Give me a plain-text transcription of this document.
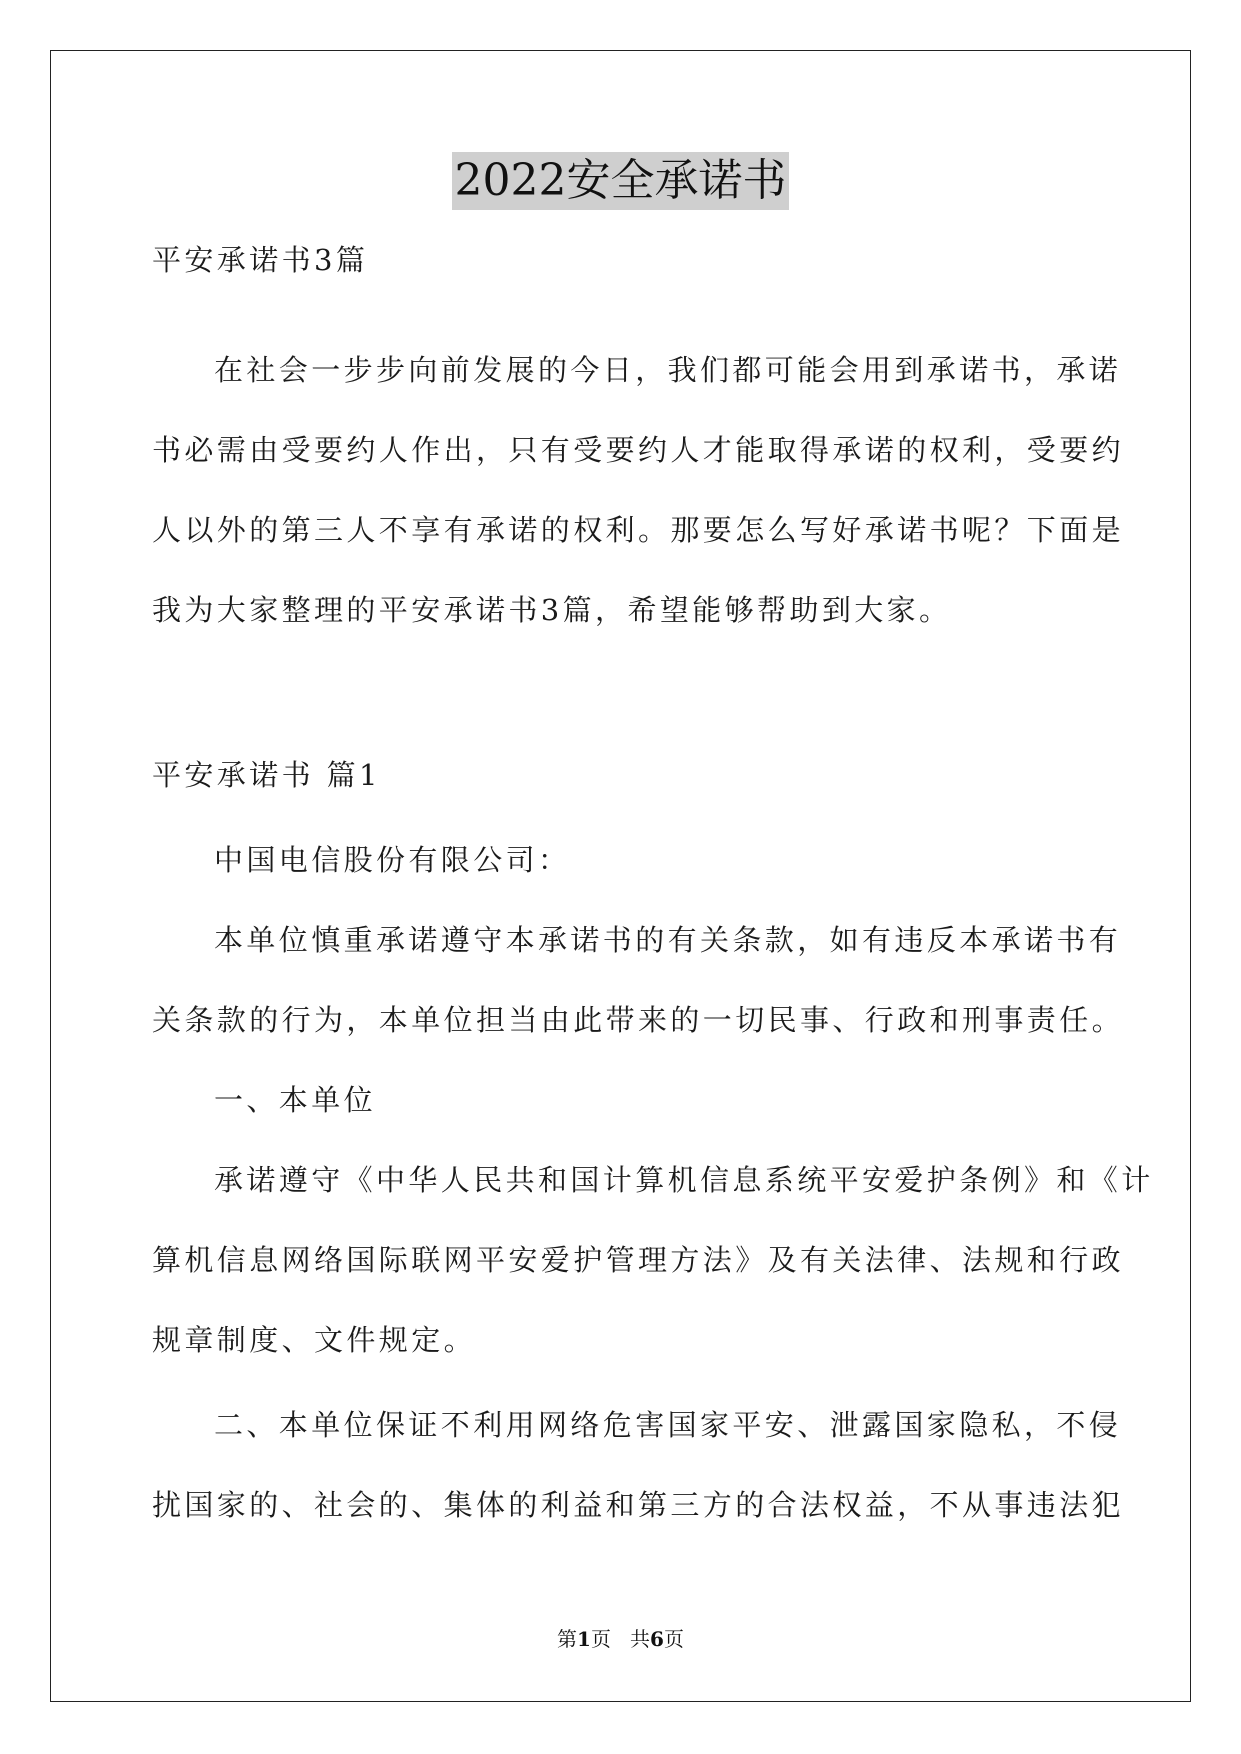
2022安全承诺书
平安承诺书3篇
在社会一步步向前发展的今日，我们都可能会用到承诺书，承诺
书必需由受要约人作出，只有受要约人才能取得承诺的权利，受要约
人以外的第三人不享有承诺的权利。那要怎么写好承诺书呢？下面是
我为大家整理的平安承诺书3篇，希望能够帮助到大家。
平安承诺书 篇1
中国电信股份有限公司：
本单位慎重承诺遵守本承诺书的有关条款，如有违反本承诺书有
关条款的行为，本单位担当由此带来的一切民事、行政和刑事责任。
一、本单位
承诺遵守《中华人民共和国计算机信息系统平安爱护条例》和《计
算机信息网络国际联网平安爱护管理方法》及有关法律、法规和行政
规章制度、文件规定。
二、本单位保证不利用网络危害国家平安、泄露国家隐私，不侵
扰国家的、社会的、集体的利益和第三方的合法权益，不从事违法犯
第1页   共6页
